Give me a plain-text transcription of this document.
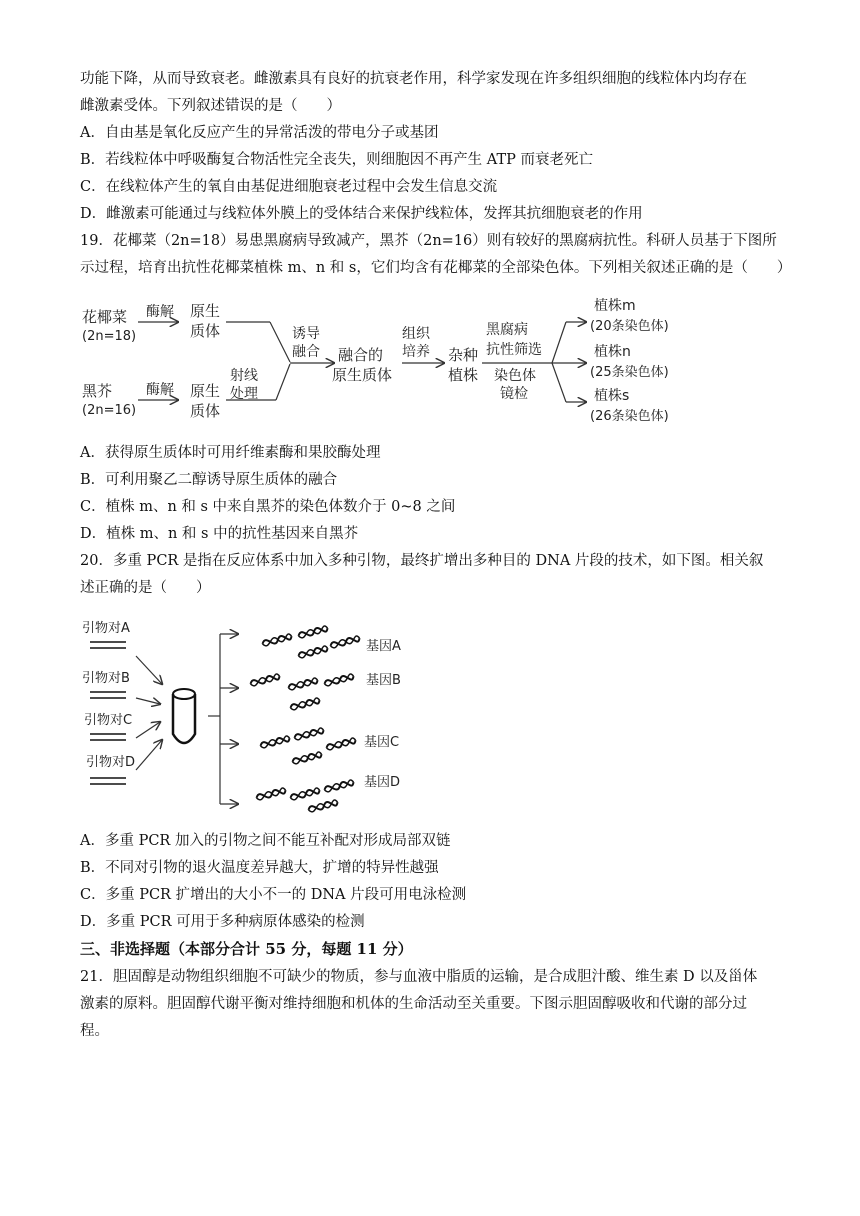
功能下降，从而导致衰老。雌激素具有良好的抗衰老作用，科学家发现在许多组织细胞的线粒体内均存在
雌激素受体。下列叙述错误的是（　　）
A．自由基是氧化反应产生的异常活泼的带电分子或基团
B．若线粒体中呼吸酶复合物活性完全丧失，则细胞因不再产生 ATP 而衰老死亡
C．在线粒体产生的氧自由基促进细胞衰老过程中会发生信息交流
D．雌激素可能通过与线粒体外膜上的受体结合来保护线粒体，发挥其抗细胞衰老的作用
19．花椰菜（2n=18）易患黑腐病导致减产，黑芥（2n=16）则有较好的黑腐病抗性。科研人员基于下图所
示过程，培育出抗性花椰菜植株 m、n 和 s，它们均含有花椰菜的全部染色体。下列相关叙述正确的是（　　）
花椰菜
(2n=18)
酶解 原生
质体
黑芥
(2n=16)
酶解 原生
质体
射线
处理
诱导
融合 融合的
原生质体
组织
培养 杂种
植株
黑腐病
抗性筛选
染色体
镜检
植株m
(20条染色体)
植株n
(25条染色体)
植株s
(26条染色体)
A．获得原生质体时可用纤维素酶和果胶酶处理
B．可利用聚乙二醇诱导原生质体的融合
C．植株 m、n 和 s 中来自黑芥的染色体数介于 0~8 之间
D．植株 m、n 和 s 中的抗性基因来自黑芥
20．多重 PCR 是指在反应体系中加入多种引物，最终扩增出多种目的 DNA 片段的技术，如下图。相关叙
述正确的是（　　）
引物对A
引物对B
引物对C
引物对D
基因A
基因B
基因C
基因D
A．多重 PCR 加入的引物之间不能互补配对形成局部双链
B．不同对引物的退火温度差异越大，扩增的特异性越强
C．多重 PCR 扩增出的大小不一的 DNA 片段可用电泳检测
D．多重 PCR 可用于多种病原体感染的检测
三、非选择题（本部分合计 55 分，每题 11 分）
21．胆固醇是动物组织细胞不可缺少的物质，参与血液中脂质的运输，是合成胆汁酸、维生素 D 以及甾体
激素的原料。胆固醇代谢平衡对维持细胞和机体的生命活动至关重要。下图示胆固醇吸收和代谢的部分过
程。
